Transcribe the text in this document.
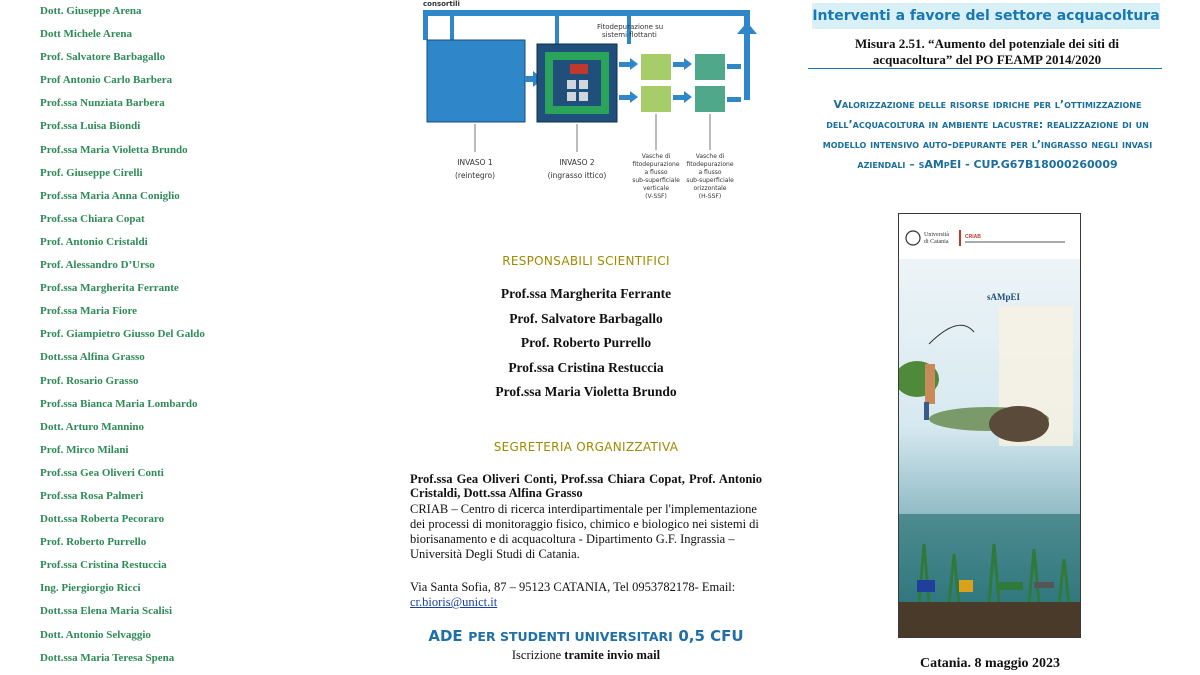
Dott. Giuseppe Arena
Dott Michele Arena
Prof. Salvatore Barbagallo
Prof Antonio Carlo Barbera
Prof.ssa Nunziata Barbera
Prof.ssa Luisa Biondi
Prof.ssa Maria Violetta Brundo
Prof. Giuseppe Cirelli
Prof.ssa Maria Anna Coniglio
Prof.ssa Chiara Copat
Prof. Antonio Cristaldi
Prof. Alessandro D’Urso
Prof.ssa Margherita Ferrante
Prof.ssa Maria Fiore
Prof. Giampietro Giusso Del Galdo
Dott.ssa Alfina Grasso
Prof. Rosario Grasso
Prof.ssa Bianca Maria Lombardo
Dott. Arturo Mannino
Prof. Mirco Milani
Prof.ssa Gea Oliveri Conti
Prof.ssa Rosa Palmeri
Dott.ssa Roberta Pecoraro
Prof. Roberto Purrello
Prof.ssa Cristina Restuccia
Ing. Piergiorgio Ricci
Dott.ssa Elena Maria Scalisi
Dott. Antonio Selvaggio
Dott.ssa Maria Teresa Spena
consortili
Fitodepurazione su
sistemi flottanti
INVASO 1
(reintegro)
INVASO 2
(ingrasso ittico)
Vasche di
fitodepurazione
a flusso
sub-superficiale
verticale
(V-SSF)
Vasche di
fitodepurazione
a flusso
sub-superficiale
orizzontale
(H-SSF)
RESPONSABILI SCIENTIFICI
Prof.ssa Margherita Ferrante
Prof. Salvatore Barbagallo
Prof. Roberto Purrello
Prof.ssa Cristina Restuccia
Prof.ssa Maria Violetta Brundo
SEGRETERIA ORGANIZZATIVA
Prof.ssa Gea Oliveri Conti, Prof.ssa Chiara Copat, Prof. Antonio Cristaldi, Dott.ssa Alfina Grasso
CRIAB – Centro di ricerca interdipartimentale per l'implementazione dei processi di monitoraggio fisico, chimico e biologico nei sistemi di biorisanamento e di acquacoltura - Dipartimento G.F. Ingrassia – Università Degli Studi di Catania.
Via Santa Sofia, 87 – 95123 CATANIA, Tel 0953782178- Email:
cr.bioris@unict.it
ADE PER STUDENTI UNIVERSITARI 0,5 CFU
Iscrizione tramite invio mail
Interventi a favore del settore acquacoltura
Misura 2.51. “Aumento del potenziale dei siti di
acquacoltura” del PO FEAMP 2014/2020
Valorizzazione delle risorse idriche per l’ottimizzazione dell’acquacoltura in ambiente lacustre: realizzazione di un modello intensivo auto-depurante per l’ingrasso negli invasi aziendali – sAMpEI - CUP.G67B18000260009
Università
di Catania
CRIAB
sAMpEI
Catania. 8 maggio 2023
